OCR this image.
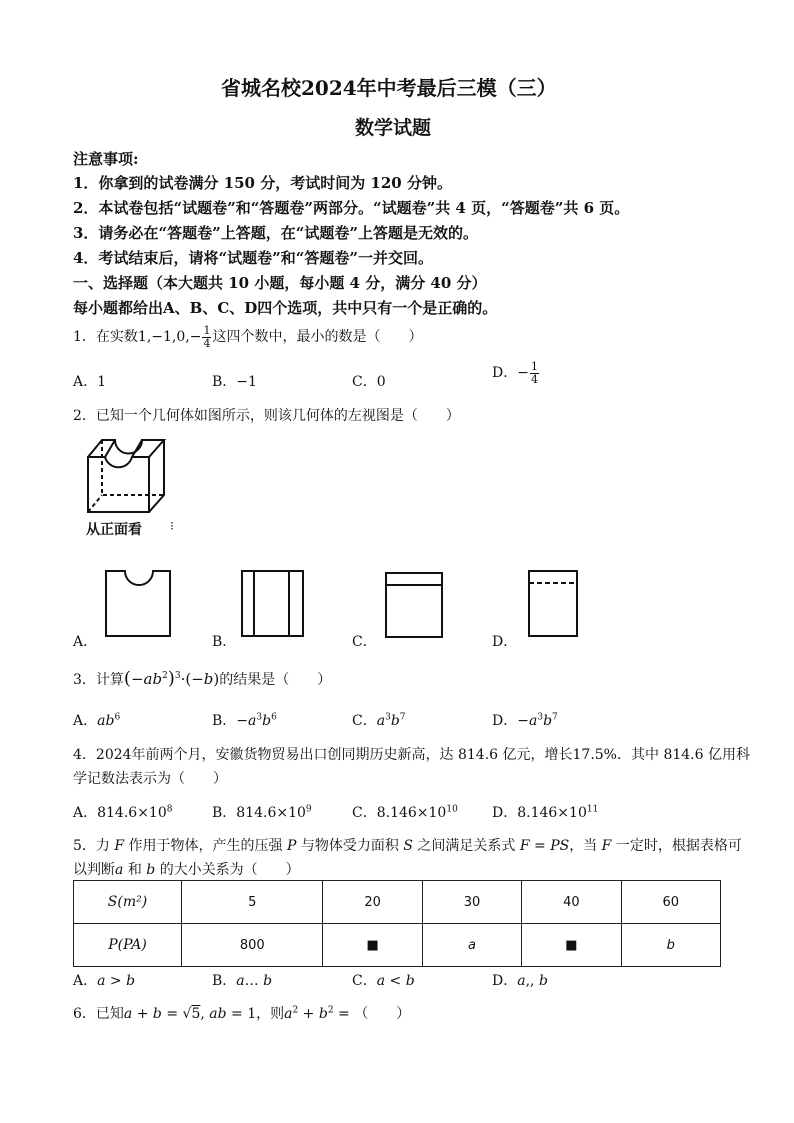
省城名校2024年中考最后三模（三）
数学试题
注意事项:
1．你拿到的试卷满分 150 分，考试时间为 120 分钟。
2．本试卷包括“试题卷”和“答题卷”两部分。“试题卷”共 4 页，“答题卷”共 6 页。
3．请务必在“答题卷”上答题，在“试题卷”上答题是无效的。
4．考试结束后，请将“试题卷”和“答题卷”一并交回。
一、选择题（本大题共 10 小题，每小题 4 分，满分 40 分）
每小题都给出A、B、C、D四个选项，共中只有一个是正确的。
1．在实数$1,-1,0,- \frac{1}{4}$ 这四个数中，最小的数是（　　）
A．1	B．−1	C．0
D．− $\frac{1}{4}$
2．已知一个几何体如图所示，则该几何体的左视图是（　　）
从正面看 ⁝
A．	B．	C．	D．
3．计算$(-ab^2)^3\cdot(-b)$的结果是（　　）
A．$ab^6$	B．$-a^3b^6$	C．$a^3b^7$	D．$-a^3b^7$
4．2024年前两个月，安徽货物贸易出口创同期历史新高，达 814.6 亿元，增长17.5%．其中 814.6 亿用科
学记数法表示为（　　）
A．$814.6\times 10^8$	B．$814.6\times 10^9$	C．$8.146\times 10^{10}$ D．$8.146\times 10^{11}$
5．力 F 作用于物体，产生的压强 P 与物体受力面积 S 之间满足关系式 F = PS，当 F 一定时，根据表格可
以判断a 和 b 的大小关系为（　　）
S(m²)	5	20	30	40	60
P(PA)	800	■	a	■	b
A．a > b	B．a… b	C．a < b	D．a,, b
6．已知a + b = √5, ab = 1，则$a^2 + b^2$ = （　　）
